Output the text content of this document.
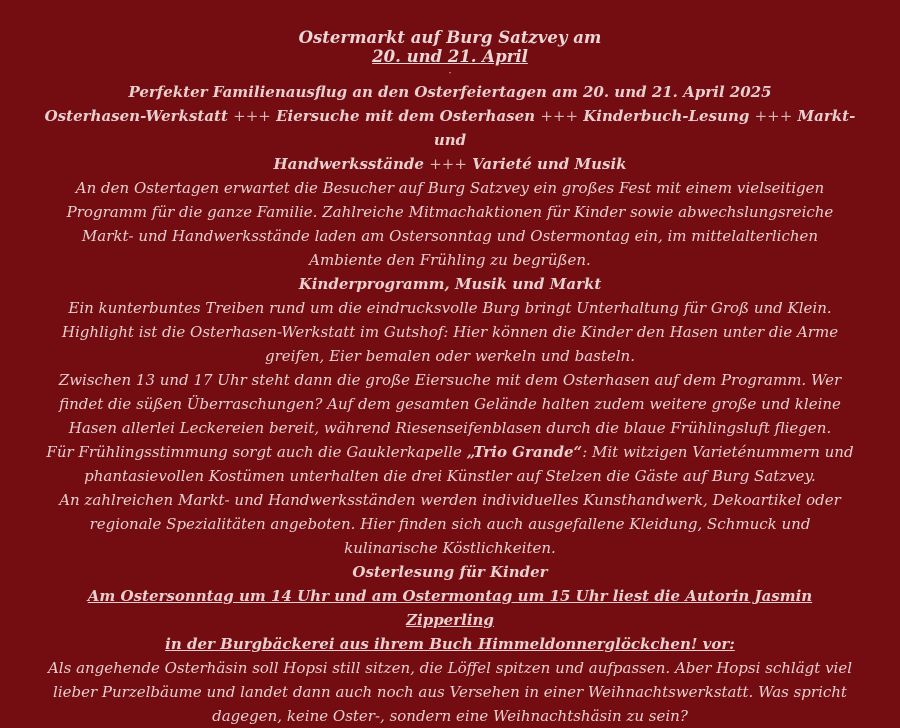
Ostermarkt auf Burg Satzvey am
20. und 21. April
-

Perfekter Familienausflug an den Osterfeiertagen am 20. und 21. April 2025

Osterhasen-Werkstatt +++ Eiersuche mit dem Osterhasen +++ Kinderbuch-Lesung +++ Markt- und
Handwerksstände +++ Varieté und Musik

An den Ostertagen erwartet die Besucher auf Burg Satzvey ein großes Fest mit einem vielseitigen Programm für die ganze Familie. Zahlreiche Mitmachaktionen für Kinder sowie abwechslungsreiche Markt- und Handwerksstände laden am Ostersonntag und Ostermontag ein, im mittelalterlichen Ambiente den Frühling zu begrüßen.

Kinderprogramm, Musik und Markt

Ein kunterbuntes Treiben rund um die eindrucksvolle Burg bringt Unterhaltung für Groß und Klein. Highlight ist die Osterhasen-Werkstatt im Gutshof: Hier können die Kinder den Hasen unter die Arme greifen, Eier bemalen oder werkeln und basteln.

Zwischen 13 und 17 Uhr steht dann die große Eiersuche mit dem Osterhasen auf dem Programm. Wer findet die süßen Überraschungen? Auf dem gesamten Gelände halten zudem weitere große und kleine Hasen allerlei Leckereien bereit, während Riesenseifenblasen durch die blaue Frühlingsluft fliegen.

Für Frühlingsstimmung sorgt auch die Gauklerkapelle „Trio Grande“: Mit witzigen Varieténummern und phantasievollen Kostümen unterhalten die drei Künstler auf Stelzen die Gäste auf Burg Satzvey.

An zahlreichen Markt- und Handwerksständen werden individuelles Kunsthandwerk, Dekoartikel oder regionale Spezialitäten angeboten. Hier finden sich auch ausgefallene Kleidung, Schmuck und kulinarische Köstlichkeiten.

Osterlesung für Kinder

Am Ostersonntag um 14 Uhr und am Ostermontag um 15 Uhr liest die Autorin Jasmin Zipperling
in der Burgbäckerei aus ihrem Buch Himmeldonnerglöckchen! vor:

Als angehende Osterhäsin soll Hopsi still sitzen, die Löffel spitzen und aufpassen. Aber Hopsi schlägt viel lieber Purzelbäume und landet dann auch noch aus Versehen in einer Weihnachtswerkstatt. Was spricht dagegen, keine Oster-, sondern eine Weihnachtshäsin zu sein?
